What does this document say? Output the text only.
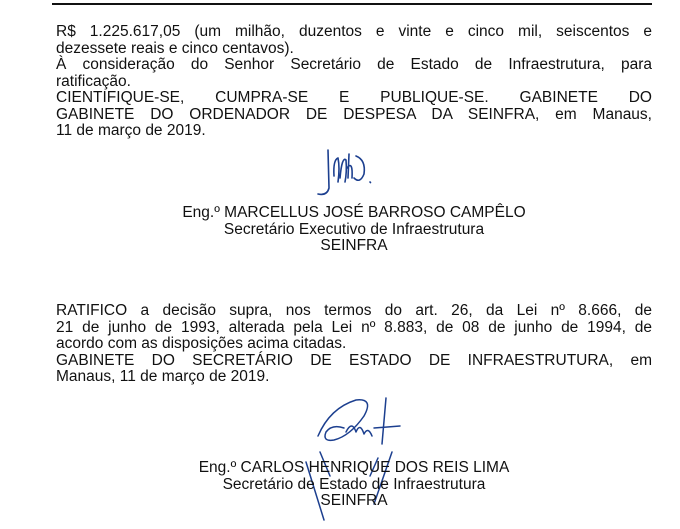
R$ 1.225.617,05 (um milhão, duzentos e vinte e cinco mil, seiscentos e
dezessete reais e cinco centavos).
À consideração do Senhor Secretário de Estado de Infraestrutura, para
ratificação.
CIENTIFIQUE-SE, CUMPRA-SE E PUBLIQUE-SE. GABINETE DO
GABINETE DO ORDENADOR DE DESPESA DA SEINFRA, em Manaus,
11 de março de 2019.
Eng.º MARCELLUS JOSÉ BARROSO CAMPÊLO
Secretário Executivo de Infraestrutura
SEINFRA
RATIFICO a decisão supra, nos termos do art. 26, da Lei nº 8.666, de
21 de junho de 1993, alterada pela Lei nº 8.883, de 08 de junho de 1994, de
acordo com as disposições acima citadas.
GABINETE DO SECRETÁRIO DE ESTADO DE INFRAESTRUTURA, em
Manaus, 11 de março de 2019.
Eng.º CARLOS HENRIQUE DOS REIS LIMA
Secretário de Estado de Infraestrutura
SEINFRA
